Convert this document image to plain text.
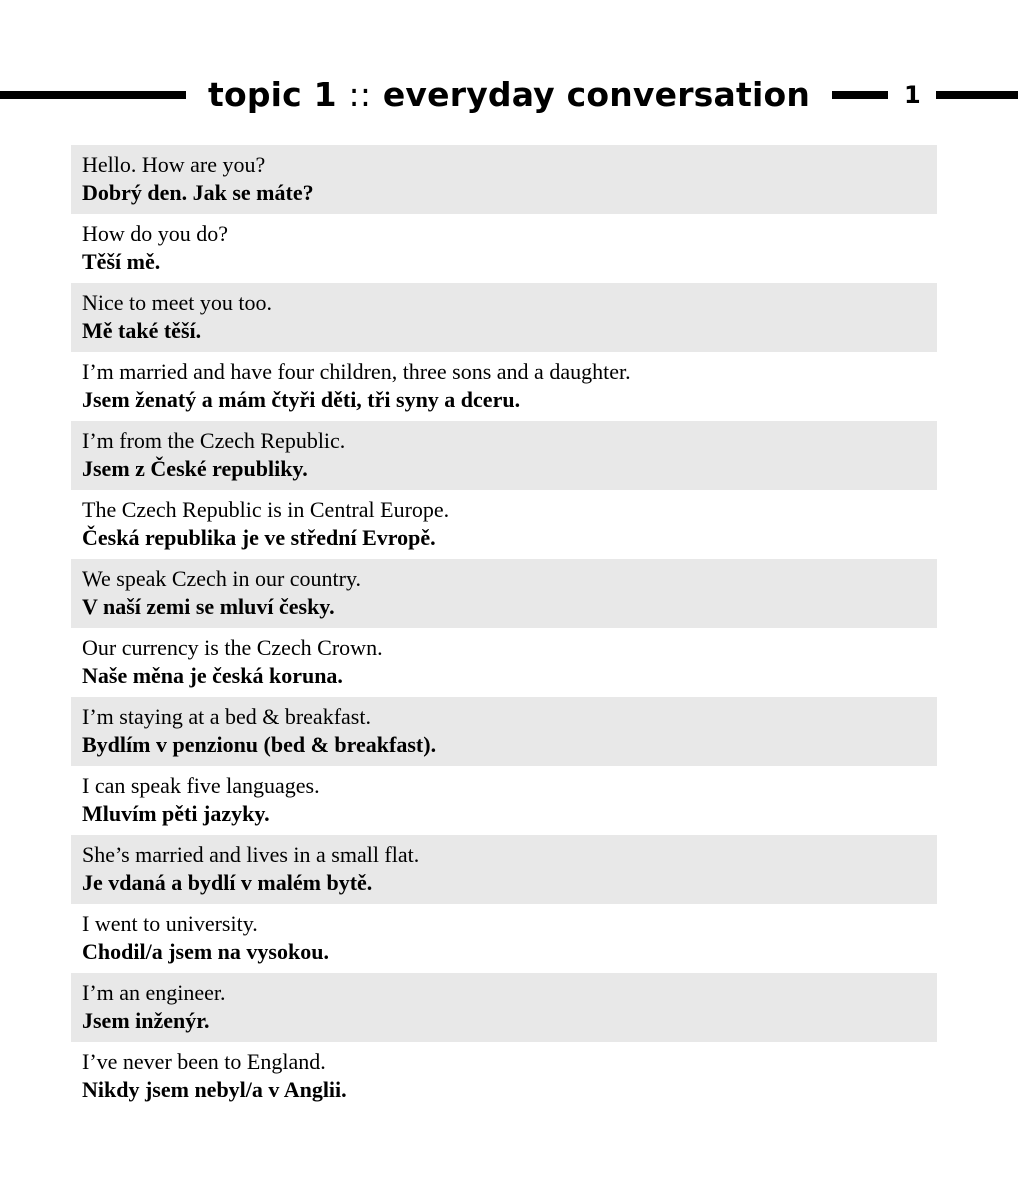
topic 1 :: everyday conversation	1
Hello. How are you?
Dobrý den. Jak se máte?
How do you do?
Těší mě.
Nice to meet you too.
Mě také těší.
I’m married and have four children, three sons and a daughter.
Jsem ženatý a mám čtyři děti, tři syny a dceru.
I’m from the Czech Republic.
Jsem z České republiky.
The Czech Republic is in Central Europe.
Česká republika je ve střední Evropě.
We speak Czech in our country.
V naší zemi se mluví česky.
Our currency is the Czech Crown.
Naše měna je česká koruna.
I’m staying at a bed & breakfast.
Bydlím v penzionu (bed & breakfast).
I can speak five languages.
Mluvím pěti jazyky.
She’s married and lives in a small flat.
Je vdaná a bydlí v malém bytě.
I went to university.
Chodil/a jsem na vysokou.
I’m an engineer.
Jsem inženýr.
I’ve never been to England.
Nikdy jsem nebyl/a v Anglii.
